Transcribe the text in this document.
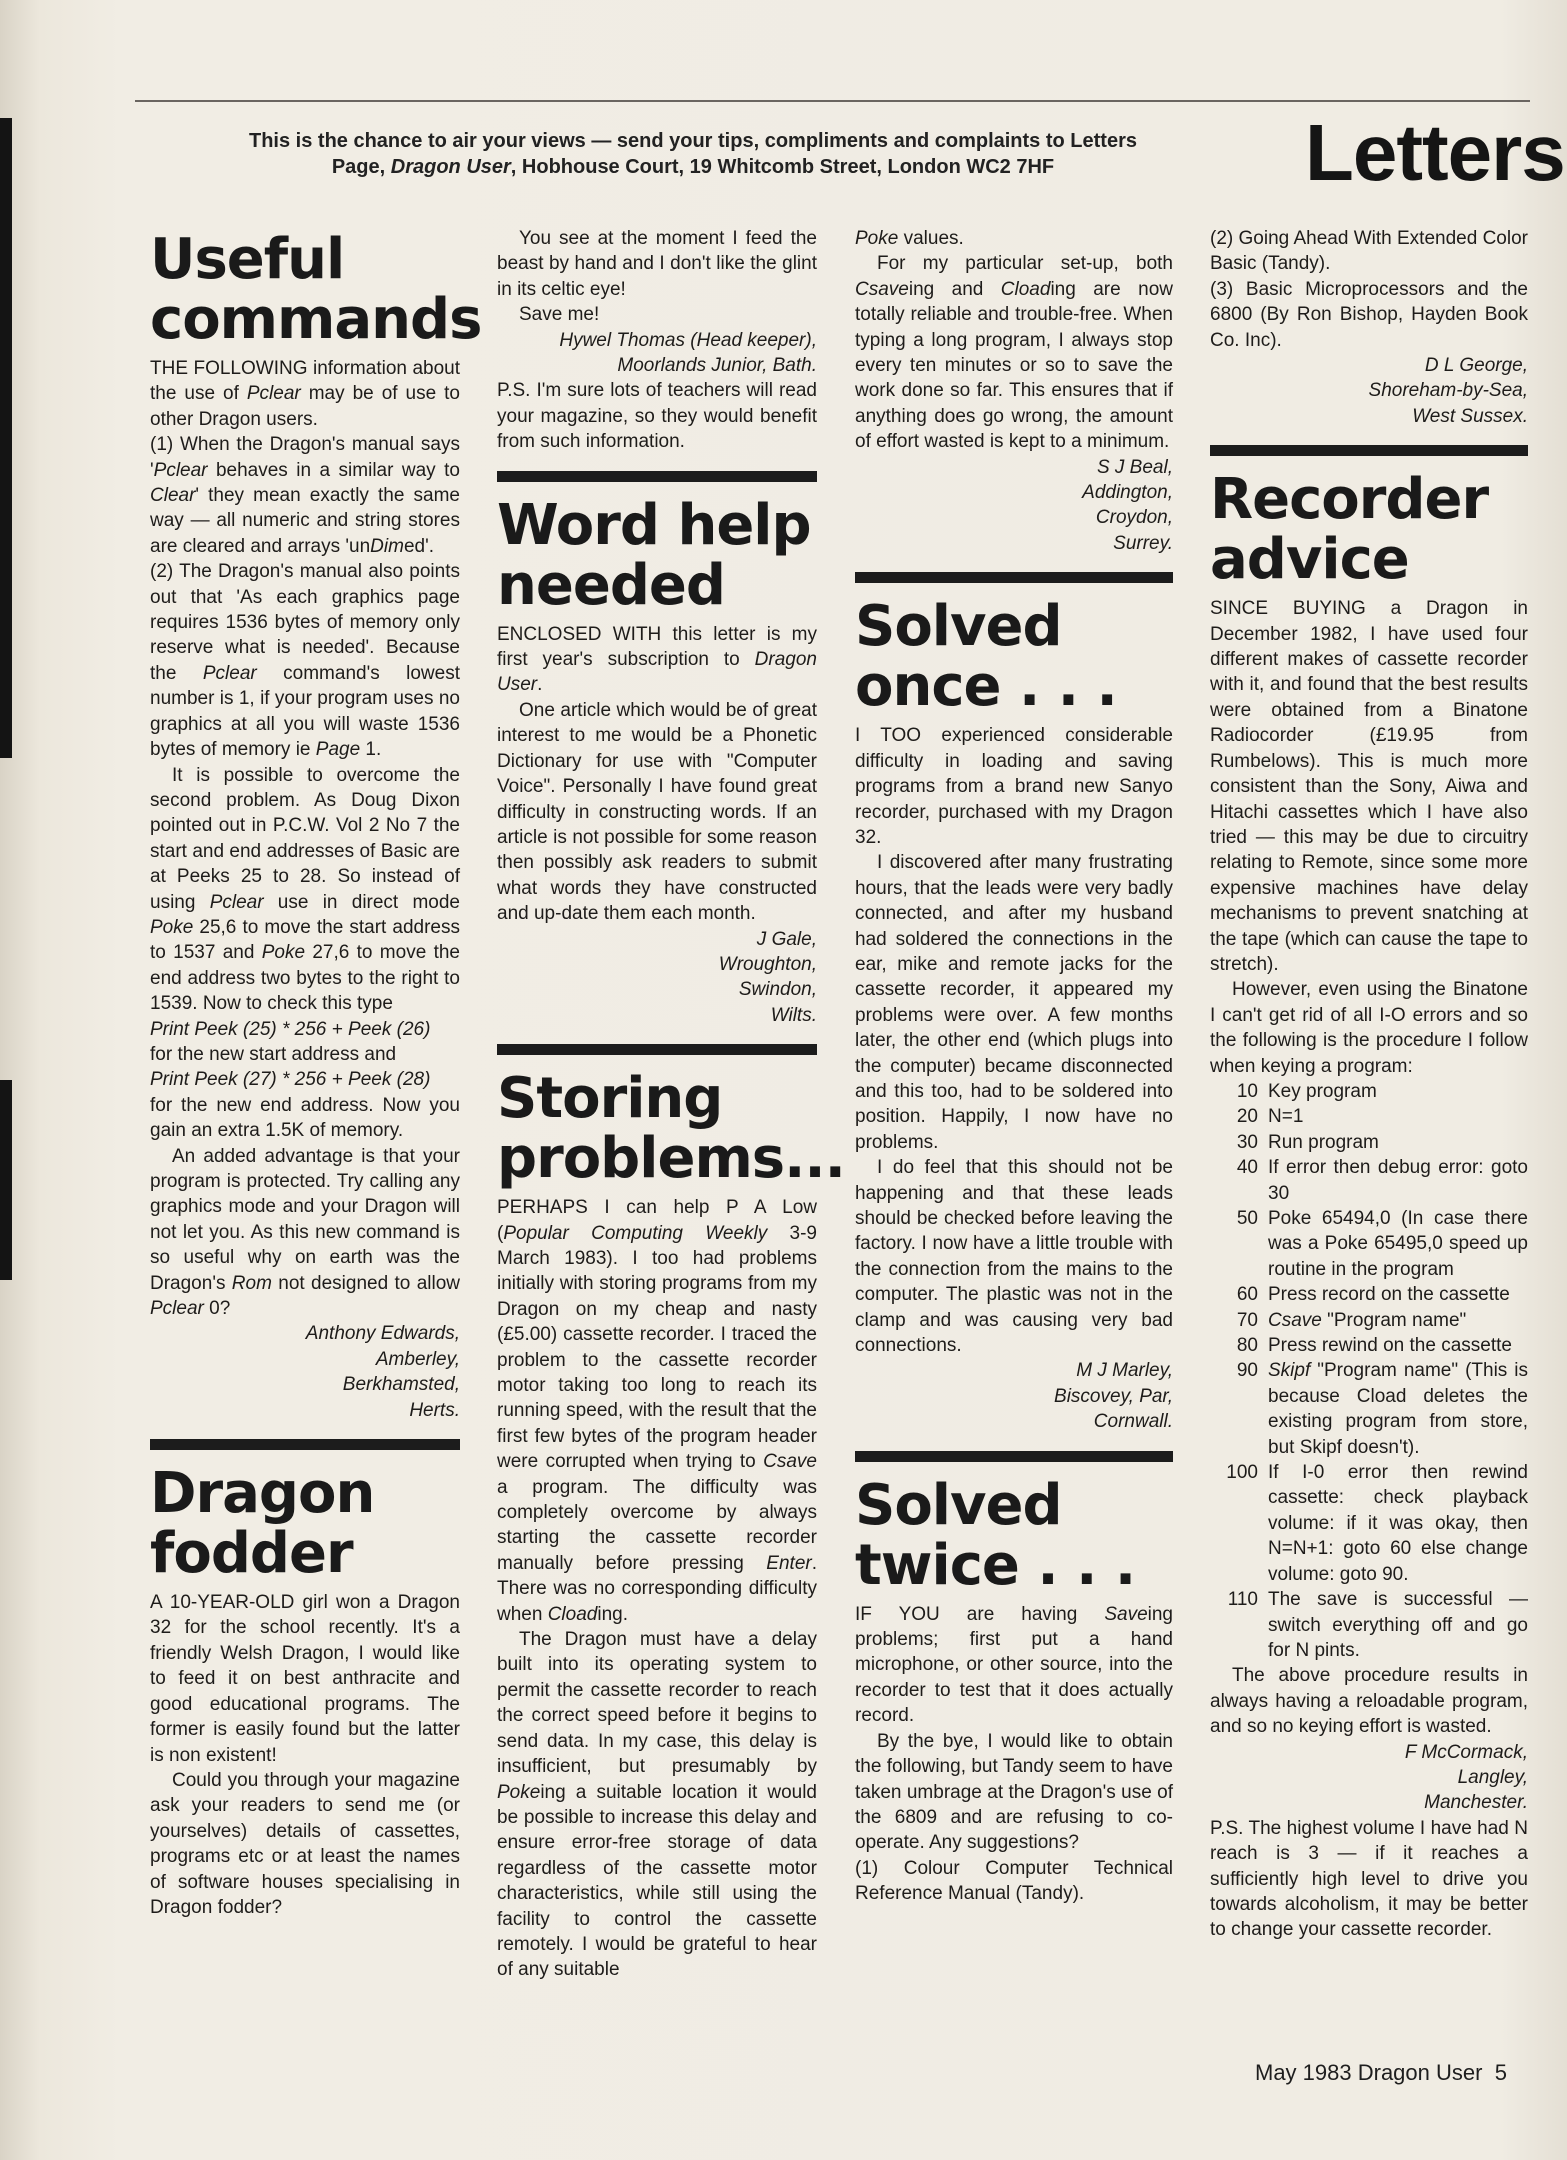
This is the chance to air your views — send your tips, compliments and complaints to Letters
Page, Dragon User, Hobhouse Court, 19 Whitcomb Street, London WC2 7HF	Letters
Useful commands

THE FOLLOWING information about the use of Pclear may be of use to other Dragon users.

(1) When the Dragon's manual says 'Pclear behaves in a similar way to Clear' they mean exactly the same way — all numeric and string stores are cleared and arrays 'unDimed'.

(2) The Dragon's manual also points out that 'As each graphics page requires 1536 bytes of memory only reserve what is needed'. Because the Pclear command's lowest number is 1, if your program uses no graphics at all you will waste 1536 bytes of memory ie Page 1.

It is possible to overcome the second problem. As Doug Dixon pointed out in P.C.W. Vol 2 No 7 the start and end addresses of Basic are at Peeks 25 to 28. So instead of using Pclear use in direct mode Poke 25,6 to move the start address to 1537 and Poke 27,6 to move the end address two bytes to the right to 1539. Now to check this type

Print Peek (25) * 256 + Peek (26)

for the new start address and

Print Peek (27) * 256 + Peek (28)

for the new end address. Now you gain an extra 1.5K of memory.

An added advantage is that your program is protected. Try calling any graphics mode and your Dragon will not let you. As this new command is so useful why on earth was the Dragon's Rom not designed to allow Pclear 0?

Anthony Edwards,
Amberley,
Berkhamsted,
Herts.
Dragon fodder

A 10-YEAR-OLD girl won a Dragon 32 for the school recently. It's a friendly Welsh Dragon, I would like to feed it on best anthracite and good educational programs. The former is easily found but the latter is non existent!

Could you through your magazine ask your readers to send me (or yourselves) details of cassettes, programs etc or at least the names of software houses specialising in Dragon fodder?

You see at the moment I feed the beast by hand and I don't like the glint in its celtic eye!

Save me!

Hywel Thomas (Head keeper),
Moorlands Junior, Bath.

P.S. I'm sure lots of teachers will read your magazine, so they would benefit from such information.

Word help needed

ENCLOSED WITH this letter is my first year's subscription to Dragon User.

One article which would be of great interest to me would be a Phonetic Dictionary for use with "Computer Voice". Personally I have found great difficulty in constructing words. If an article is not possible for some reason then possibly ask readers to submit what words they have constructed and up-date them each month.

J Gale,
Wroughton,
Swindon,
Wilts.
Storing problems...

PERHAPS I can help P A Low (Popular Computing Weekly 3-9 March 1983). I too had problems initially with storing programs from my Dragon on my cheap and nasty (£5.00) cassette recorder. I traced the problem to the cassette recorder motor taking too long to reach its running speed, with the result that the first few bytes of the program header were corrupted when trying to Csave a program. The difficulty was completely overcome by always starting the cassette recorder manually before pressing Enter. There was no corresponding difficulty when Cloading.

The Dragon must have a delay built into its operating system to permit the cassette recorder to reach the correct speed before it begins to send data. In my case, this delay is insufficient, but presumably by Pokeing a suitable location it would be possible to increase this delay and ensure error-free storage of data regardless of the cassette motor characteristics, while still using the facility to control the cassette remotely. I would be grateful to hear of any suitable

Poke values.

For my particular set-up, both Csaveing and Cloading are now totally reliable and trouble-free. When typing a long program, I always stop every ten minutes or so to save the work done so far. This ensures that if anything does go wrong, the amount of effort wasted is kept to a minimum.

S J Beal,
Addington,
Croydon,
Surrey.
Solved once . . .

I TOO experienced considerable difficulty in loading and saving programs from a brand new Sanyo recorder, purchased with my Dragon 32.

I discovered after many frustrating hours, that the leads were very badly connected, and after my husband had soldered the connections in the ear, mike and remote jacks for the cassette recorder, it appeared my problems were over. A few months later, the other end (which plugs into the computer) became disconnected and this too, had to be soldered into position. Happily, I now have no problems.

I do feel that this should not be happening and that these leads should be checked before leaving the factory. I now have a little trouble with the connection from the mains to the computer. The plastic was not in the clamp and was causing very bad connections.

M J Marley,
Biscovey, Par,
Cornwall.
Solved twice . . .

IF YOU are having Saveing problems; first put a hand microphone, or other source, into the recorder to test that it does actually record.

By the bye, I would like to obtain the following, but Tandy seem to have taken umbrage at the Dragon's use of the 6809 and are refusing to co-operate. Any suggestions?

(1) Colour Computer Technical Reference Manual (Tandy).

(2) Going Ahead With Extended Color Basic (Tandy).

(3) Basic Microprocessors and the 6800 (By Ron Bishop, Hayden Book Co. Inc).

D L George,
Shoreham-by-Sea,
West Sussex.
Recorder advice

SINCE BUYING a Dragon in December 1982, I have used four different makes of cassette recorder with it, and found that the best results were obtained from a Binatone Radiocorder (£19.95 from Rumbelows). This is much more consistent than the Sony, Aiwa and Hitachi cassettes which I have also tried — this may be due to circuitry relating to Remote, since some more expensive machines have delay mechanisms to prevent snatching at the tape (which can cause the tape to stretch).

However, even using the Binatone I can't get rid of all I-O errors and so the following is the procedure I follow when keying a program:

10 Key program
20 N=1
30 Run program
40 If error then debug error: goto 30
50 Poke 65494,0 (In case there was a Poke 65495,0 speed up routine in the program
60 Press record on the cassette
70 Csave "Program name"
80 Press rewind on the cassette
90 Skipf "Program name" (This is because Cload deletes the existing program from store, but Skipf doesn't).
100 If I-0 error then rewind cassette: check playback volume: if it was okay, then N=N+1: goto 60 else change volume: goto 90.
110 The save is successful — switch everything off and go for N pints.

The above procedure results in always having a reloadable program, and so no keying effort is wasted.

F McCormack,
Langley,
Manchester.

P.S. The highest volume I have had N reach is 3 — if it reaches a sufficiently high level to drive you towards alcoholism, it may be better to change your cassette recorder.

May 1983 Dragon User 5
